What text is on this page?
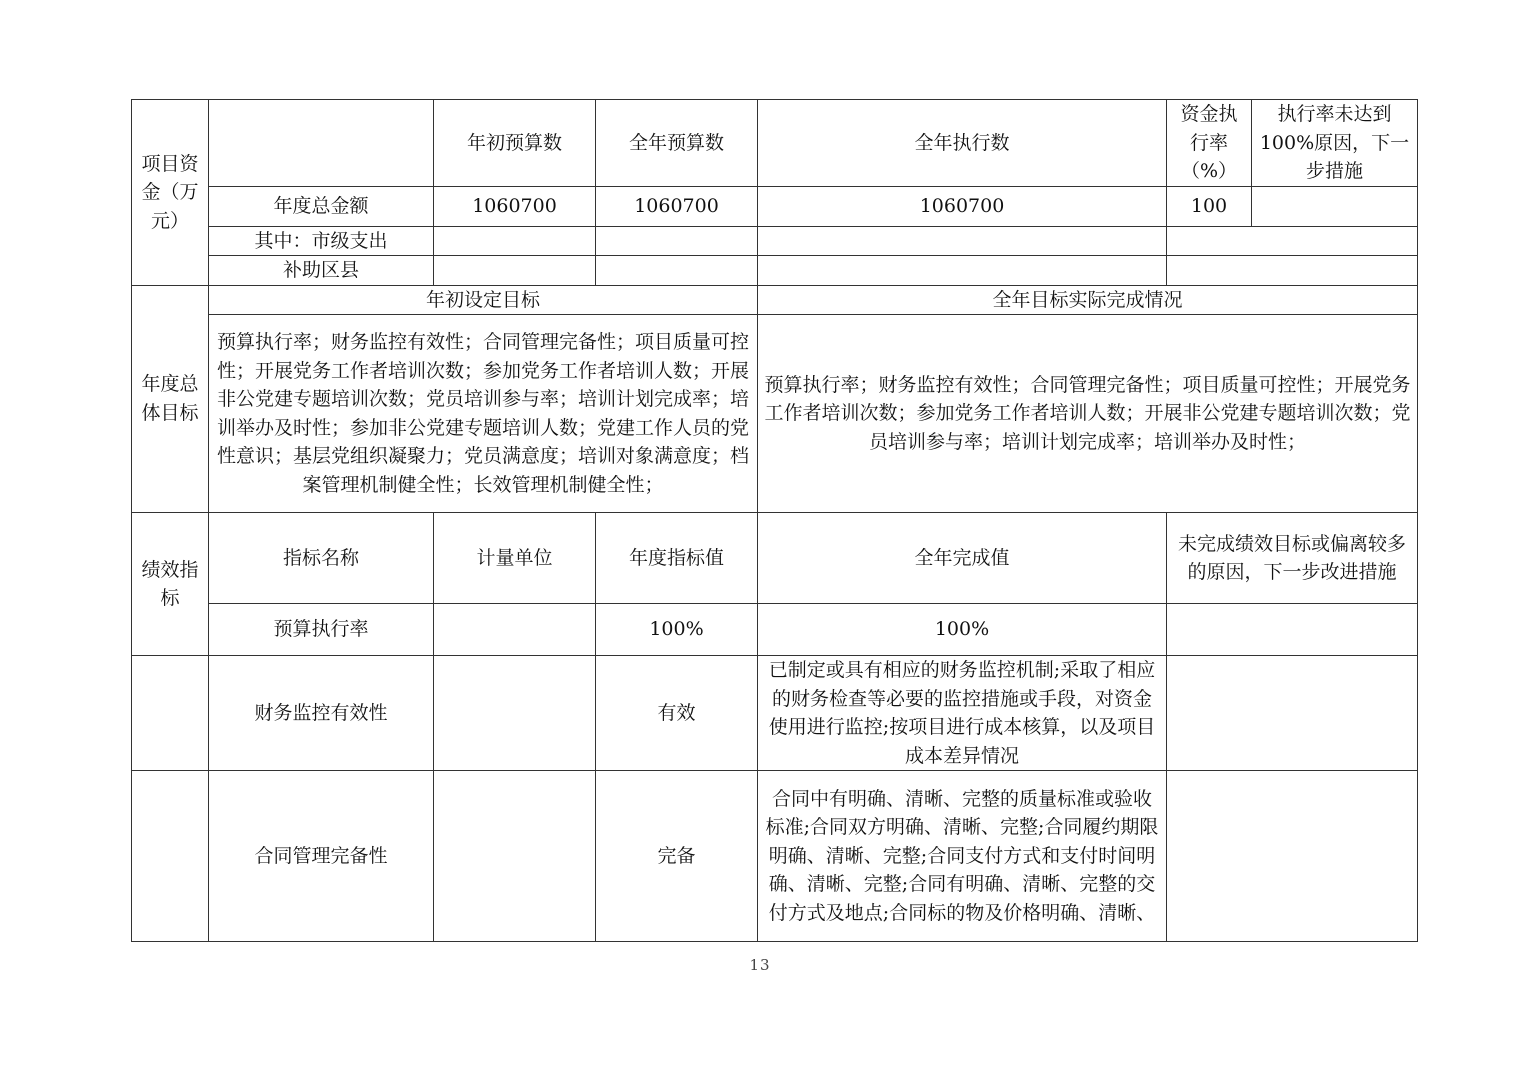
项目资金（万元）		年初预算数	全年预算数	全年执行数	资金执行率（%）	执行率未达到100%原因，下一步措施
	年度总金额	1060700	1060700	1060700	100	
	其中：市级支出					
	补助区县					
年度总体目标	年初设定目标			全年目标实际完成情况		
	预算执行率；财务监控有效性；合同管理完备性；项目质量可控性；开展党务工作者培训次数；参加党务工作者培训人数；开展非公党建专题培训次数；党员培训参与率；培训计划完成率；培训举办及时性；参加非公党建专题培训人数；党建工作人员的党性意识；基层党组织凝聚力；党员满意度；培训对象满意度；档案管理机制健全性；长效管理机制健全性；			预算执行率；财务监控有效性；合同管理完备性；项目质量可控性；开展党务工作者培训次数；参加党务工作者培训人数；开展非公党建专题培训次数；党员培训参与率；培训计划完成率；培训举办及时性；		
绩效指标	指标名称	计量单位	年度指标值	全年完成值	未完成绩效目标或偏离较多的原因，下一步改进措施	
	预算执行率		100%	100%		
	财务监控有效性		有效	已制定或具有相应的财务监控机制;采取了相应的财务检查等必要的监控措施或手段，对资金使用进行监控;按项目进行成本核算，以及项目成本差异情况		
	合同管理完备性		完备	合同中有明确、清晰、完整的质量标准或验收标准;合同双方明确、清晰、完整;合同履约期限明确、清晰、完整;合同支付方式和支付时间明确、清晰、完整;合同有明确、清晰、完整的交付方式及地点;合同标的物及价格明确、清晰、		
13
